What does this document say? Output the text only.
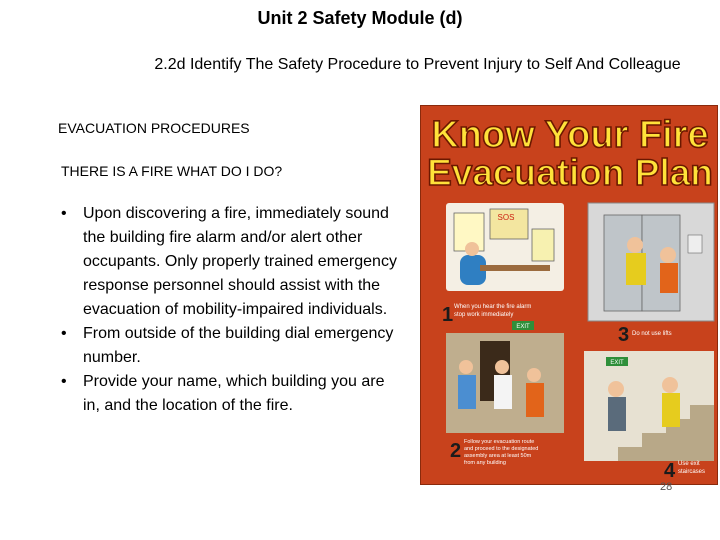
Unit 2 Safety Module (d)
2.2d Identify The Safety Procedure to Prevent Injury to Self And Colleague
EVACUATION PROCEDURES
THERE IS A FIRE WHAT DO I DO?
• Upon discovering a fire, immediately sound the building fire alarm and/or alert other occupants. Only properly trained emergency response personnel should assist with the evacuation of mobility-impaired individuals.
• From outside of the building dial emergency number.
• Provide your name, which building you are in, and the location of the fire.
Know Your Fire
Evacuation Plan
SOS
1 When you hear the fire alarm
stop work immediately
EXIT	3 Do not use lifts
EXIT
2 Follow your evacuation route
and proceed to the designated
assembly area at least 50m
from any building	4 Use exit
staircases
28
